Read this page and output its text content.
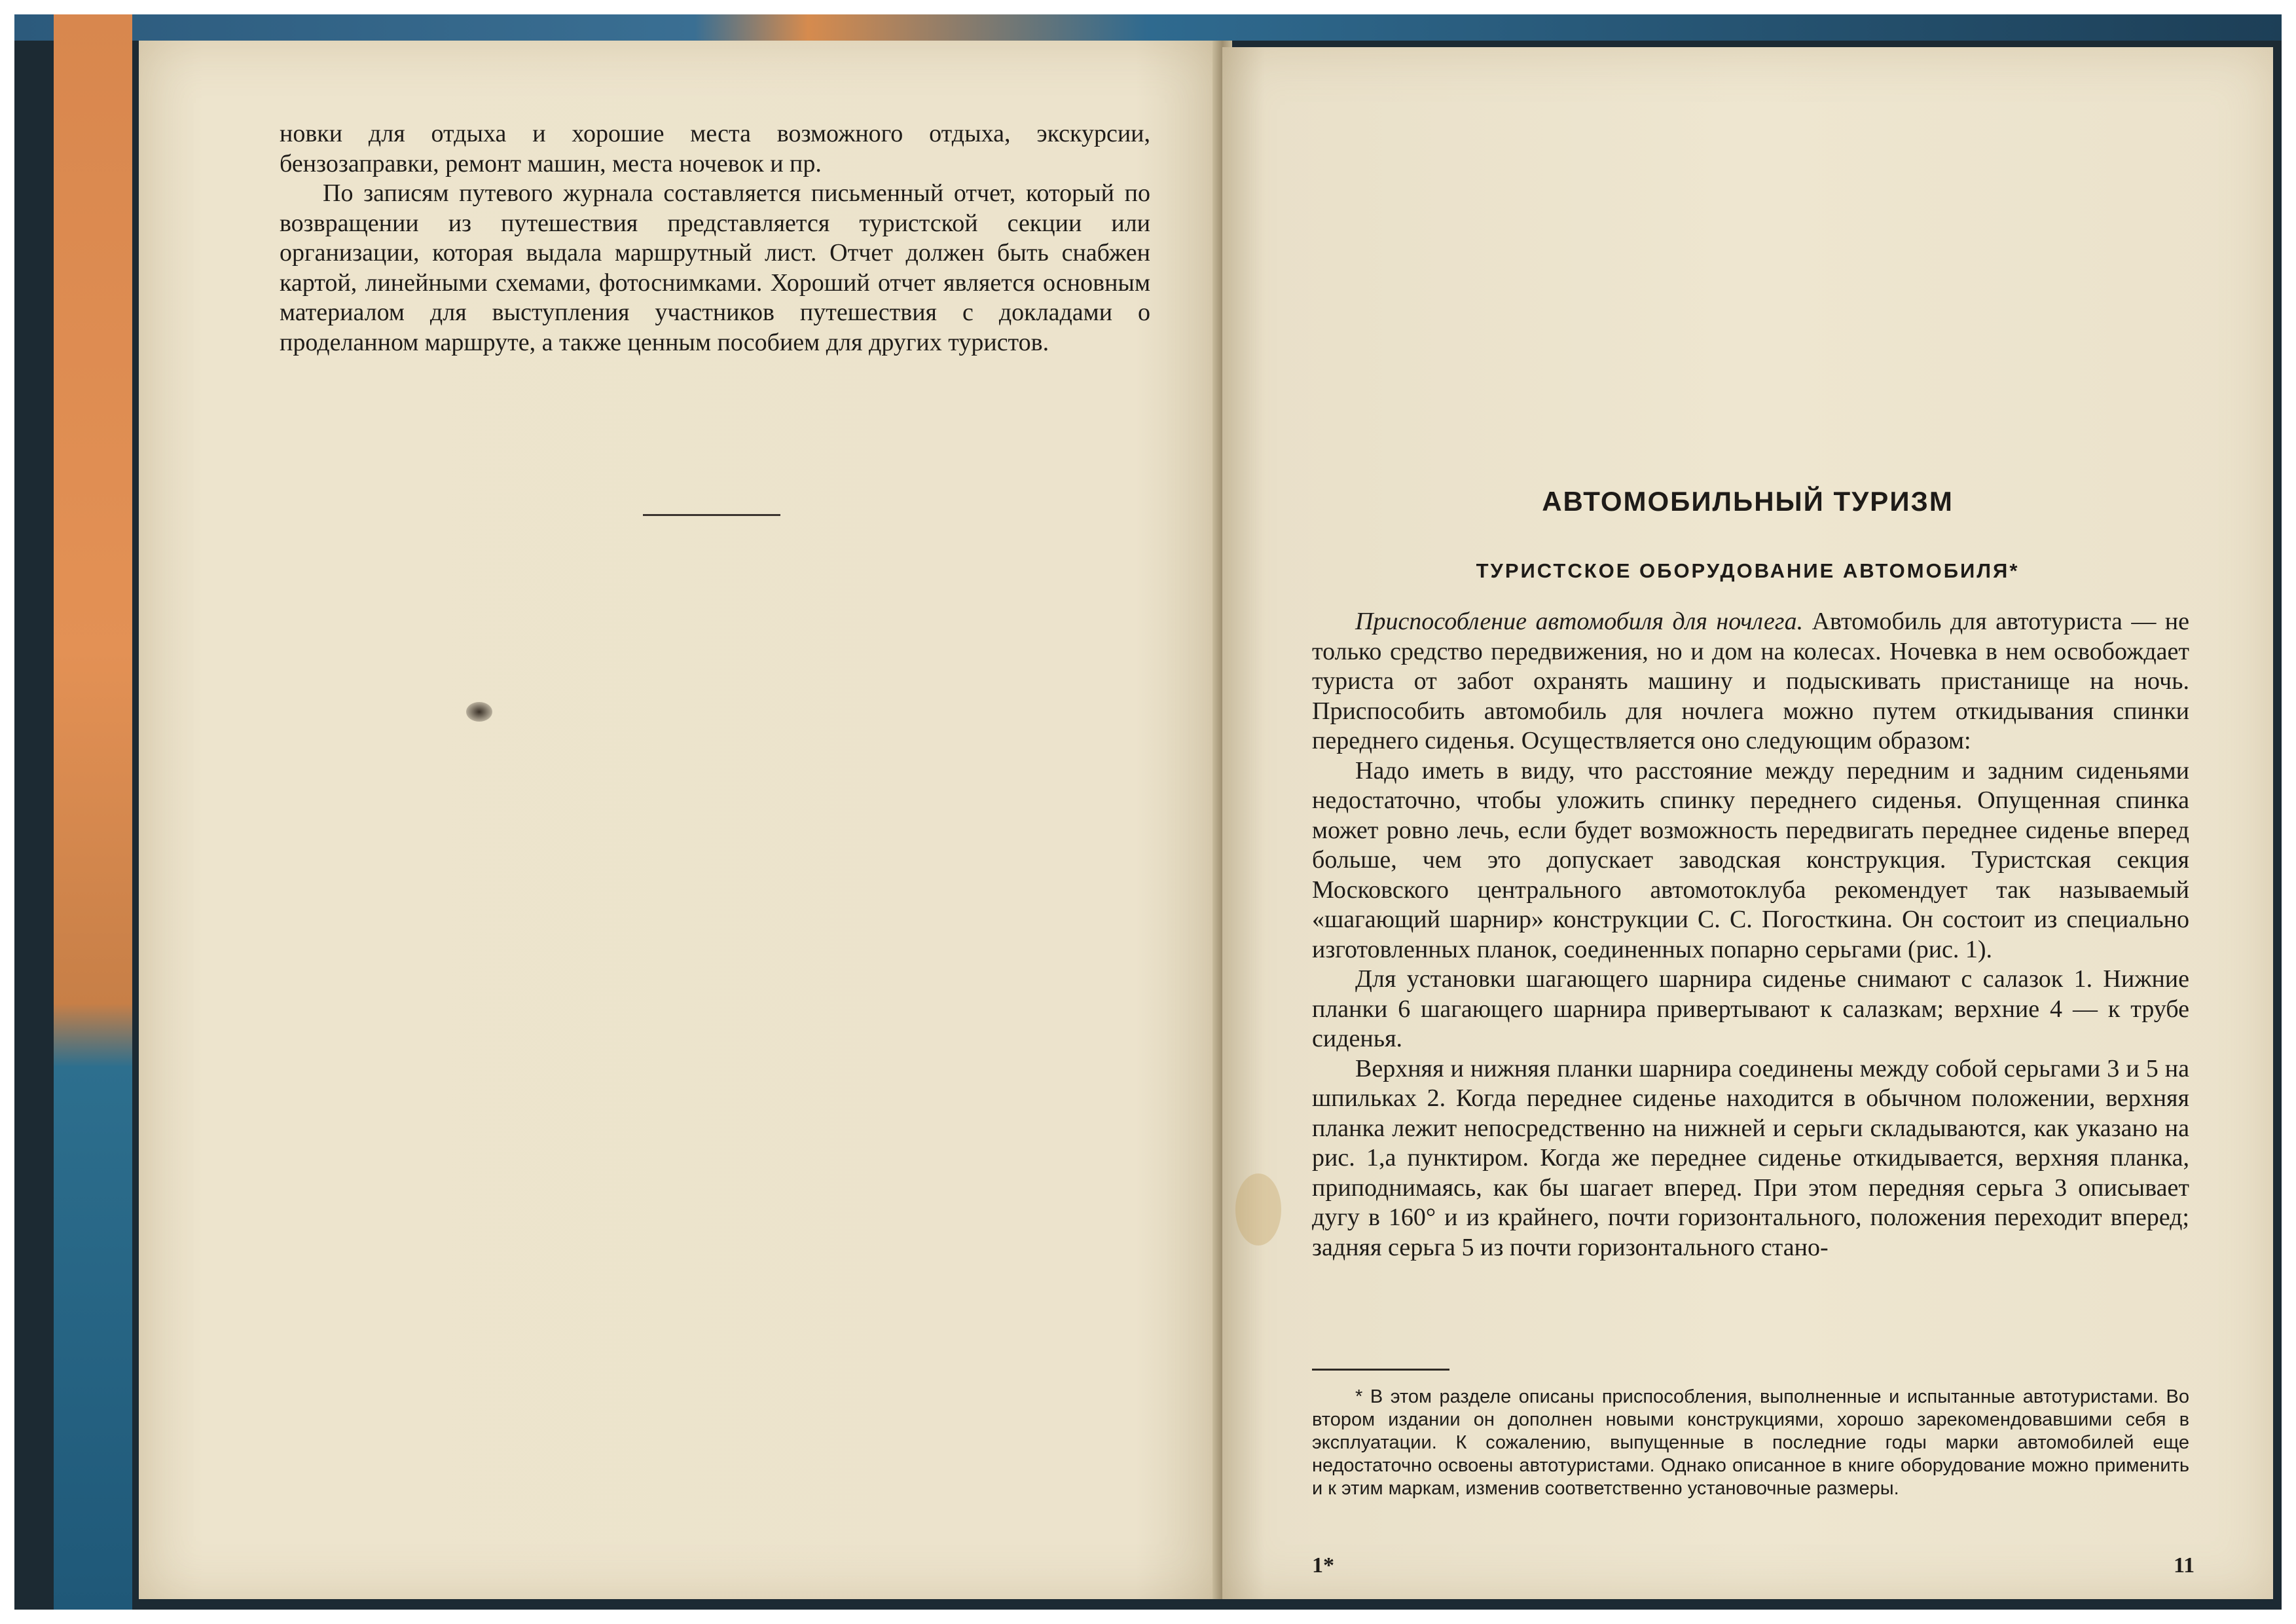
новки для отдыха и хорошие места возможного отдыха, экскурсии, бензозаправки, ремонт машин, места ночевок и пр.

По записям путевого журнала составляется письменный отчет, который по возвращении из путешествия представляется туристской секции или организации, которая выдала маршрутный лист. Отчет должен быть снабжен картой, линейными схемами, фотоснимками. Хороший отчет является основным материалом для выступления участников путешествия с докладами о проделанном маршруте, а также ценным пособием для других туристов.

АВТОМОБИЛЬНЫЙ ТУРИЗМ
ТУРИСТСКОЕ ОБОРУДОВАНИЕ АВТОМОБИЛЯ*

Приспособление автомобиля для ночлега. Автомобиль для автотуриста — не только средство передвижения, но и дом на колесах. Ночевка в нем освобождает туриста от забот охранять машину и подыскивать пристанище на ночь. Приспособить автомобиль для ночлега можно путем откидывания спинки переднего сиденья. Осуществляется оно следующим образом:

Надо иметь в виду, что расстояние между передним и задним сиденьями недостаточно, чтобы уложить спинку переднего сиденья. Опущенная спинка может ровно лечь, если будет возможность передвигать переднее сиденье вперед больше, чем это допускает заводская конструкция. Туристская секция Московского центрального автомотоклуба рекомендует так называемый «шагающий шарнир» конструкции С. С. Погосткина. Он состоит из специально изготовленных планок, соединенных попарно серьгами (рис. 1).

Для установки шагающего шарнира сиденье снимают с салазок 1. Нижние планки 6 шагающего шарнира привертывают к салазкам; верхние 4 — к трубе сиденья.

Верхняя и нижняя планки шарнира соединены между собой серьгами 3 и 5 на шпильках 2. Когда переднее сиденье находится в обычном положении, верхняя планка лежит непосредственно на нижней и серьги складываются, как указано на рис. 1,а пунктиром. Когда же переднее сиденье откидывается, верхняя планка, приподнимаясь, как бы шагает вперед. При этом передняя серьга 3 описывает дугу в 160° и из крайнего, почти горизонтального, положения переходит вперед; задняя серьга 5 из почти горизонтального стано-

* В этом разделе описаны приспособления, выполненные и испытанные автотуристами. Во втором издании он дополнен новыми конструкциями, хорошо зарекомендовавшими себя в эксплуатации. К сожалению, выпущенные в последние годы марки автомобилей еще недостаточно освоены автотуристами. Однако описанное в книге оборудование можно применить и к этим маркам, изменив соответственно установочные размеры.

1*	11
